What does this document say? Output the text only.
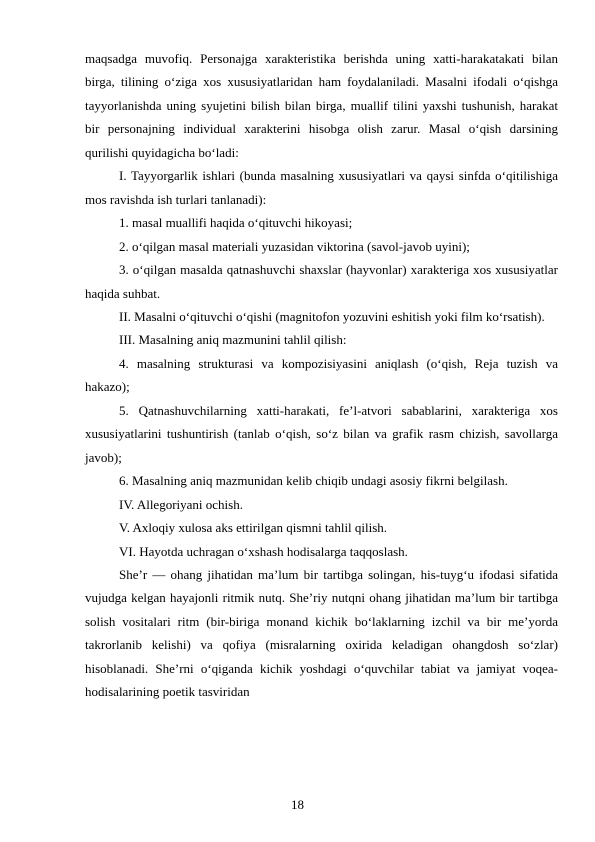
maqsadga muvofiq. Personajga xarakteristika berishda uning xatti-harakatakati bilan birga, tilining o‘ziga xos xususiyatlaridan ham foydalaniladi. Masalni ifodali o‘qishga tayyorlanishda uning syujetini bilish bilan birga, muallif tilini yaxshi tushunish, harakat bir personajning individual xarakterini hisobga olish zarur. Masal o‘qish darsining qurilishi quyidagicha bo‘ladi:

I. Tayyorgarlik ishlari (bunda masalning xususiyatlari va qaysi sinfda o‘qitilishiga mos ravishda ish turlari tanlanadi):

1. masal muallifi haqida o‘qituvchi hikoyasi;

2. o‘qilgan masal materiali yuzasidan viktorina (savol-javob uyini);

3. o‘qilgan masalda qatnashuvchi shaxslar (hayvonlar) xarakteriga xos xususiyatlar haqida suhbat.

II. Masalni o‘qituvchi o‘qishi (magnitofon yozuvini eshitish yoki film ko‘rsatish).

III. Masalning aniq mazmunini tahlil qilish:

4. masalning strukturasi va kompozisiyasini aniqlash (o‘qish, Reja tuzish va hakazo);

5. Qatnashuvchilarning xatti-harakati, fe’l-atvori sabablarini, xarakteriga xos xususiyatlarini tushuntirish (tanlab o‘qish, so‘z bilan va grafik rasm chizish, savollarga javob);

6. Masalning aniq mazmunidan kelib chiqib undagi asosiy fikrni belgilash.

IV. Allegoriyani ochish.

V. Axloqiy xulosa aks ettirilgan qismni tahlil qilish.

VI. Hayotda uchragan o‘xshash hodisalarga taqqoslash.

She’r — ohang jihatidan ma’lum bir tartibga solingan, his-tuyg‘u ifodasi sifatida vujudga kelgan hayajonli ritmik nutq. She’riy nutqni ohang jihatidan ma’lum bir tartibga solish vositalari ritm (bir-biriga monand kichik bo‘laklarning izchil va bir me’yorda takrorlanib kelishi) va qofiya (misralarning oxirida keladigan ohangdosh so‘zlar) hisoblanadi. She’rni o‘qiganda kichik yoshdagi o‘quvchilar tabiat va jamiyat voqea-hodisalarining poetik tasviridan

18
